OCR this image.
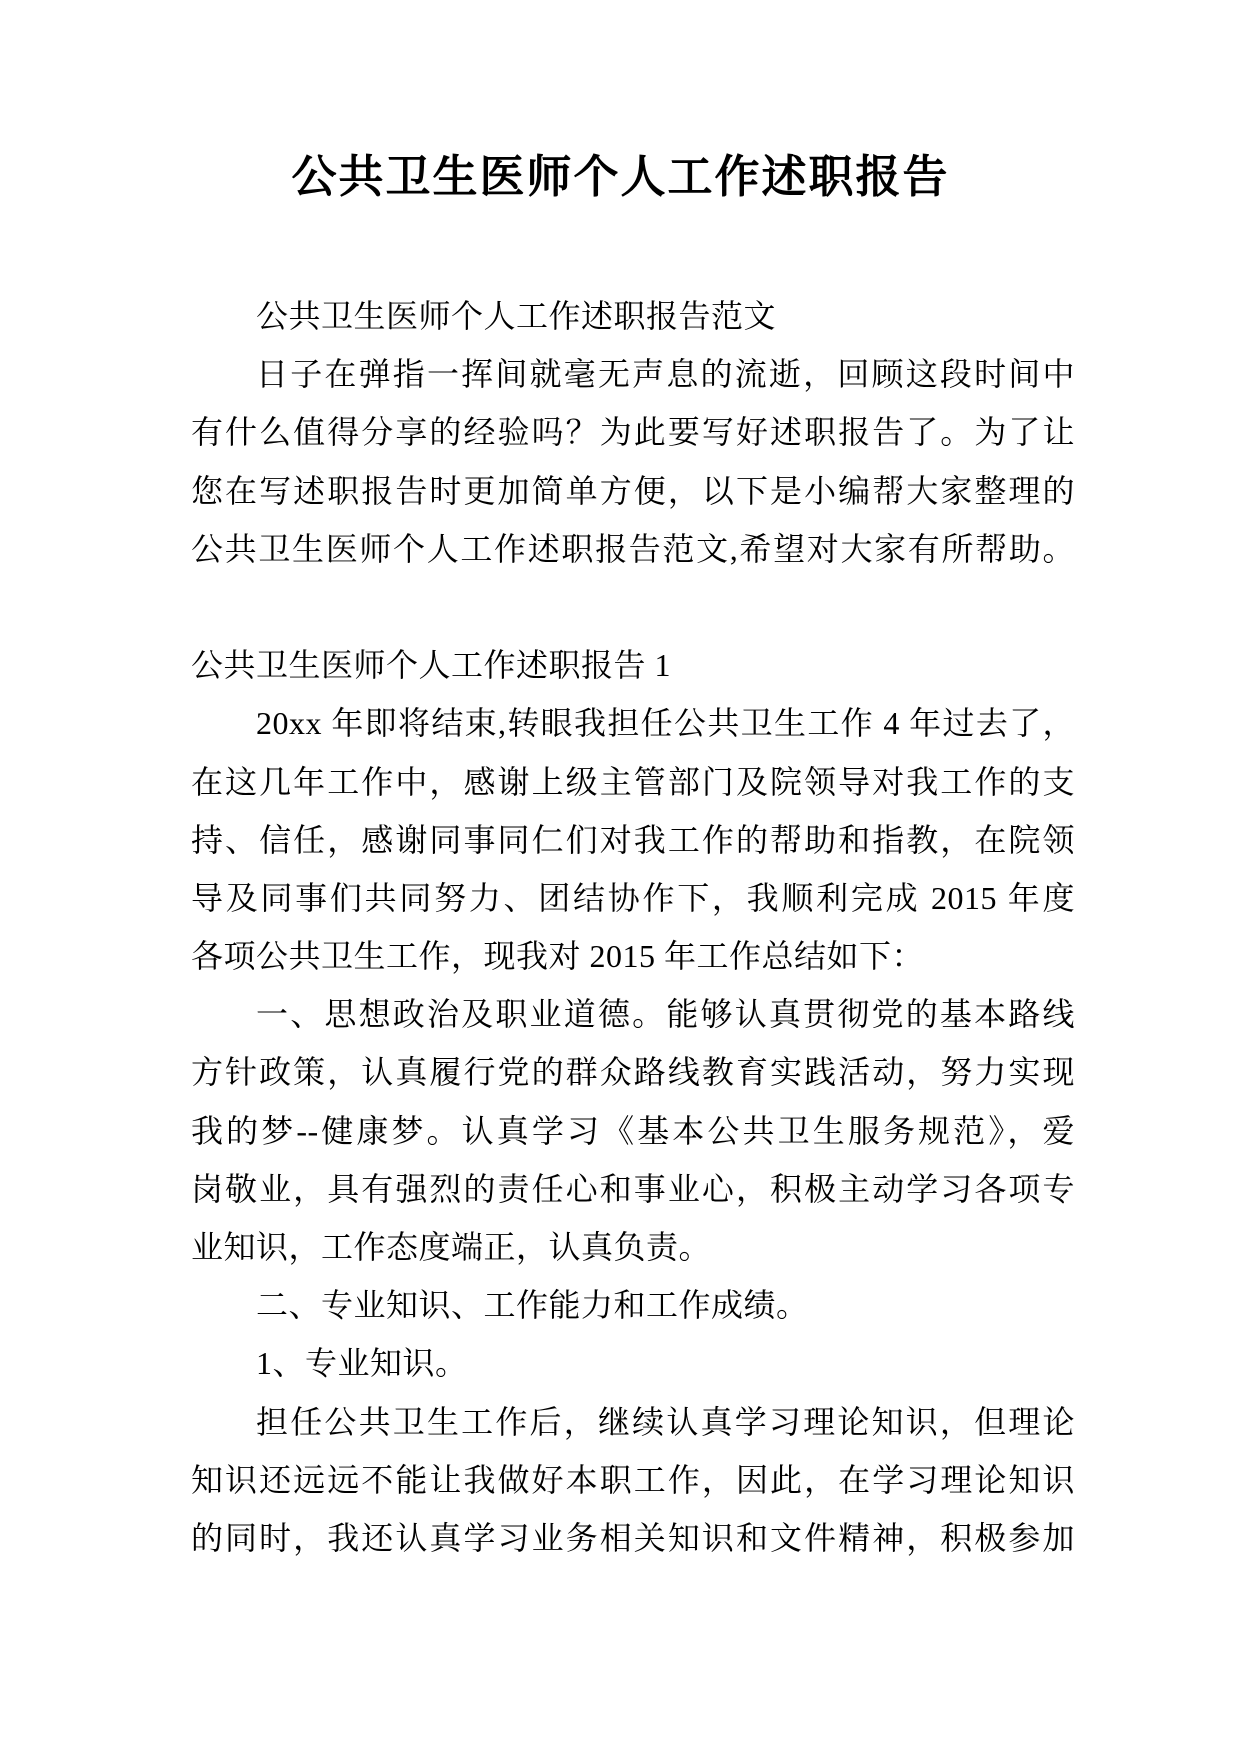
公共卫生医师个人工作述职报告
公共卫生医师个人工作述职报告范文
日子在弹指一挥间就毫无声息的流逝，回顾这段时间中
有什么值得分享的经验吗？为此要写好述职报告了。为了让
您在写述职报告时更加简单方便，以下是小编帮大家整理的
公共卫生医师个人工作述职报告范文,希望对大家有所帮助。
公共卫生医师个人工作述职报告 1
20xx 年即将结束,转眼我担任公共卫生工作 4 年过去了，
在这几年工作中，感谢上级主管部门及院领导对我工作的支
持、信任，感谢同事同仁们对我工作的帮助和指教，在院领
导及同事们共同努力、团结协作下，我顺利完成 2015 年度
各项公共卫生工作，现我对 2015 年工作总结如下：
一、思想政治及职业道德。能够认真贯彻党的基本路线
方针政策，认真履行党的群众路线教育实践活动，努力实现
我的梦--健康梦。认真学习《基本公共卫生服务规范》，爱
岗敬业，具有强烈的责任心和事业心，积极主动学习各项专
业知识，工作态度端正，认真负责。
二、专业知识、工作能力和工作成绩。
1、专业知识。
担任公共卫生工作后，继续认真学习理论知识，但理论
知识还远远不能让我做好本职工作，因此，在学习理论知识
的同时，我还认真学习业务相关知识和文件精神，积极参加
